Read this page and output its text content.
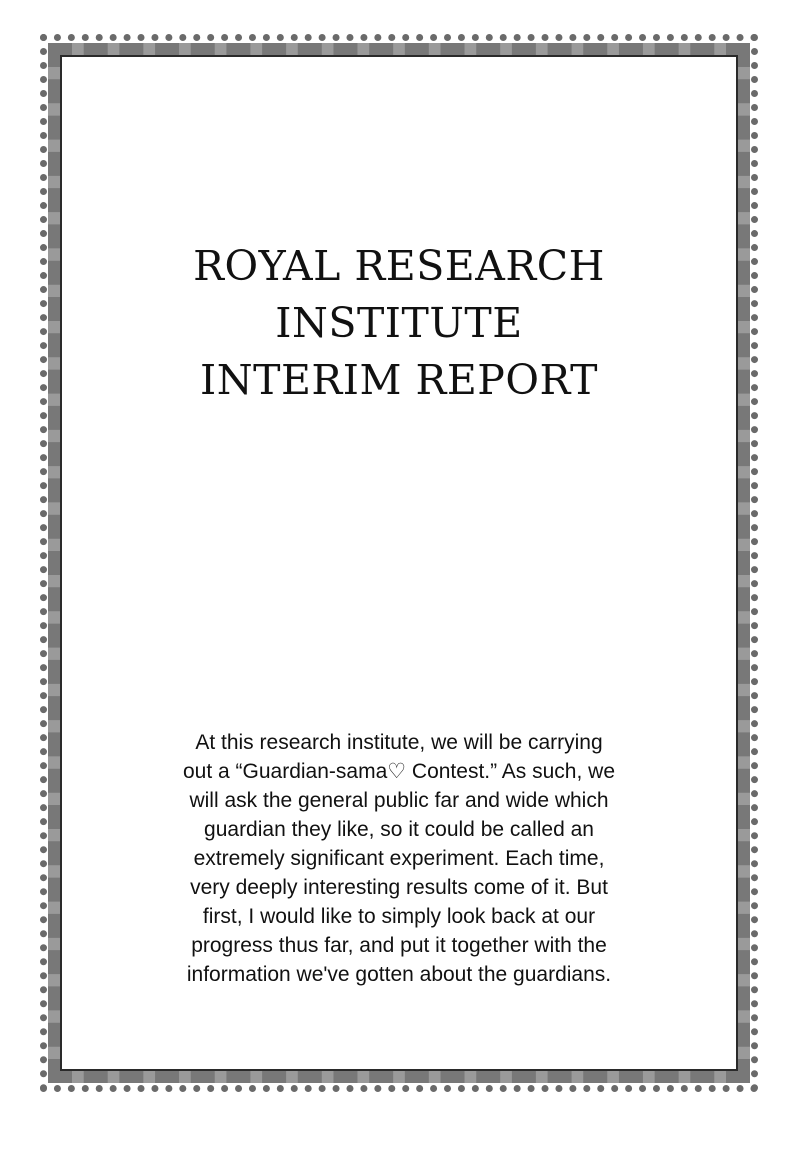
ROYAL RESEARCH
INSTITUTE
INTERIM REPORT
At this research institute, we will be carrying
out a “Guardian-sama♡ Contest.” As such, we
will ask the general public far and wide which
guardian they like, so it could be called an
extremely significant experiment. Each time,
very deeply interesting results come of it. But
first, I would like to simply look back at our
progress thus far, and put it together with the
information we've gotten about the guardians.
